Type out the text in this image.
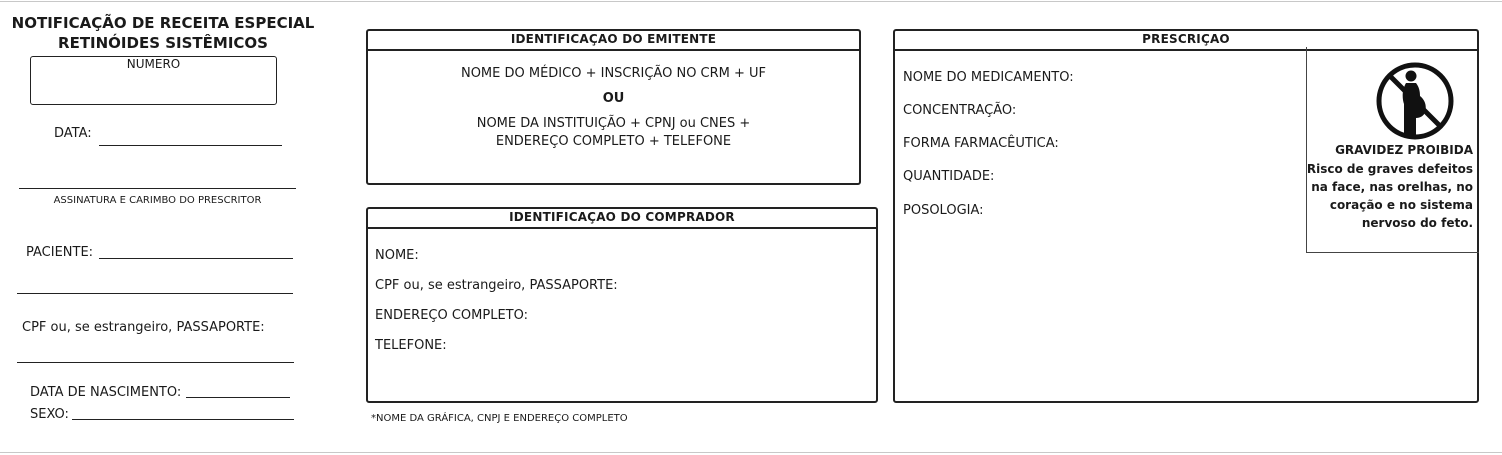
NOTIFICAÇÃO DE RECEITA ESPECIAL
RETINÓIDES SISTÊMICOS
NUMERO
DATA:
ASSINATURA E CARIMBO DO PRESCRITOR
PACIENTE:
CPF ou, se estrangeiro, PASSAPORTE:
DATA DE NASCIMENTO:
SEXO:
IDENTIFICAÇAO DO EMITENTE
NOME DO MÉDICO + INSCRIÇÃO NO CRM + UF
OU
NOME DA INSTITUIÇÃO + CPNJ ou CNES +
ENDEREÇO COMPLETO + TELEFONE
IDENTIFICAÇAO DO COMPRADOR
NOME:
CPF ou, se estrangeiro, PASSAPORTE:
ENDEREÇO COMPLETO:
TELEFONE:
*NOME DA GRÁFICA, CNPJ E ENDEREÇO COMPLETO
PRESCRIÇAO
NOME DO MEDICAMENTO:
CONCENTRAÇÃO:
FORMA FARMACÊUTICA:
QUANTIDADE:
POSOLOGIA:
GRAVIDEZ PROIBIDA
Risco de graves defeitos
na face, nas orelhas, no
coração e no sistema
nervoso do feto.
